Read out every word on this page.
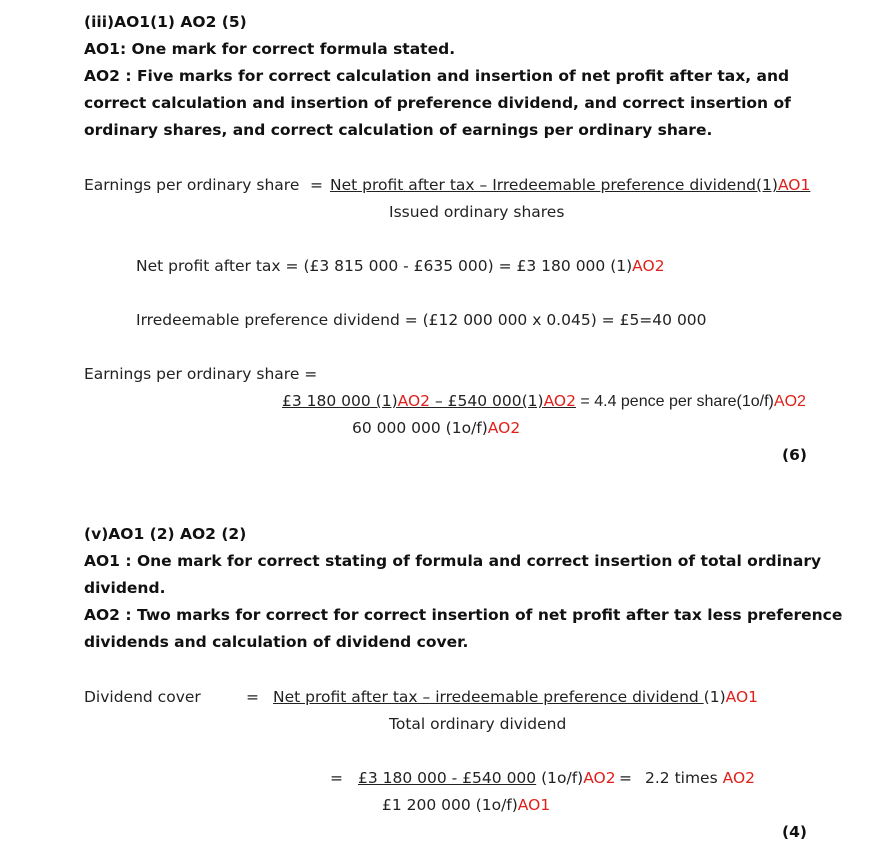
(iii)AO1(1) AO2 (5)
AO1: One mark for correct formula stated.
AO2 : Five marks for correct calculation and insertion of net profit after tax, and
correct calculation and insertion of preference dividend, and correct insertion of
ordinary shares, and correct calculation of earnings per ordinary share.
Earnings per ordinary share = Net profit after tax – Irredeemable preference dividend(1)AO1
Issued ordinary shares
Net profit after tax = (£3 815 000 - £635 000) = £3 180 000 (1)AO2
Irredeemable preference dividend = (£12 000 000 x 0.045) = £5=40 000
Earnings per ordinary share =
£3 180 000 (1)AO2 – £540 000(1)AO2 = 4.4 pence per share(1o/f)AO2
60 000 000 (1o/f)AO2
(6)
(v)AO1 (2) AO2 (2)
AO1 : One mark for correct stating of formula and correct insertion of total ordinary
dividend.
AO2 : Two marks for correct for correct insertion of net profit after tax less preference
dividends and calculation of dividend cover.
Dividend cover	= Net profit after tax – irredeemable preference dividend (1)AO1
Total ordinary dividend
= £3 180 000 - £540 000 (1o/f)AO2 = 2.2 times AO2
£1 200 000 (1o/f)AO1
(4)
